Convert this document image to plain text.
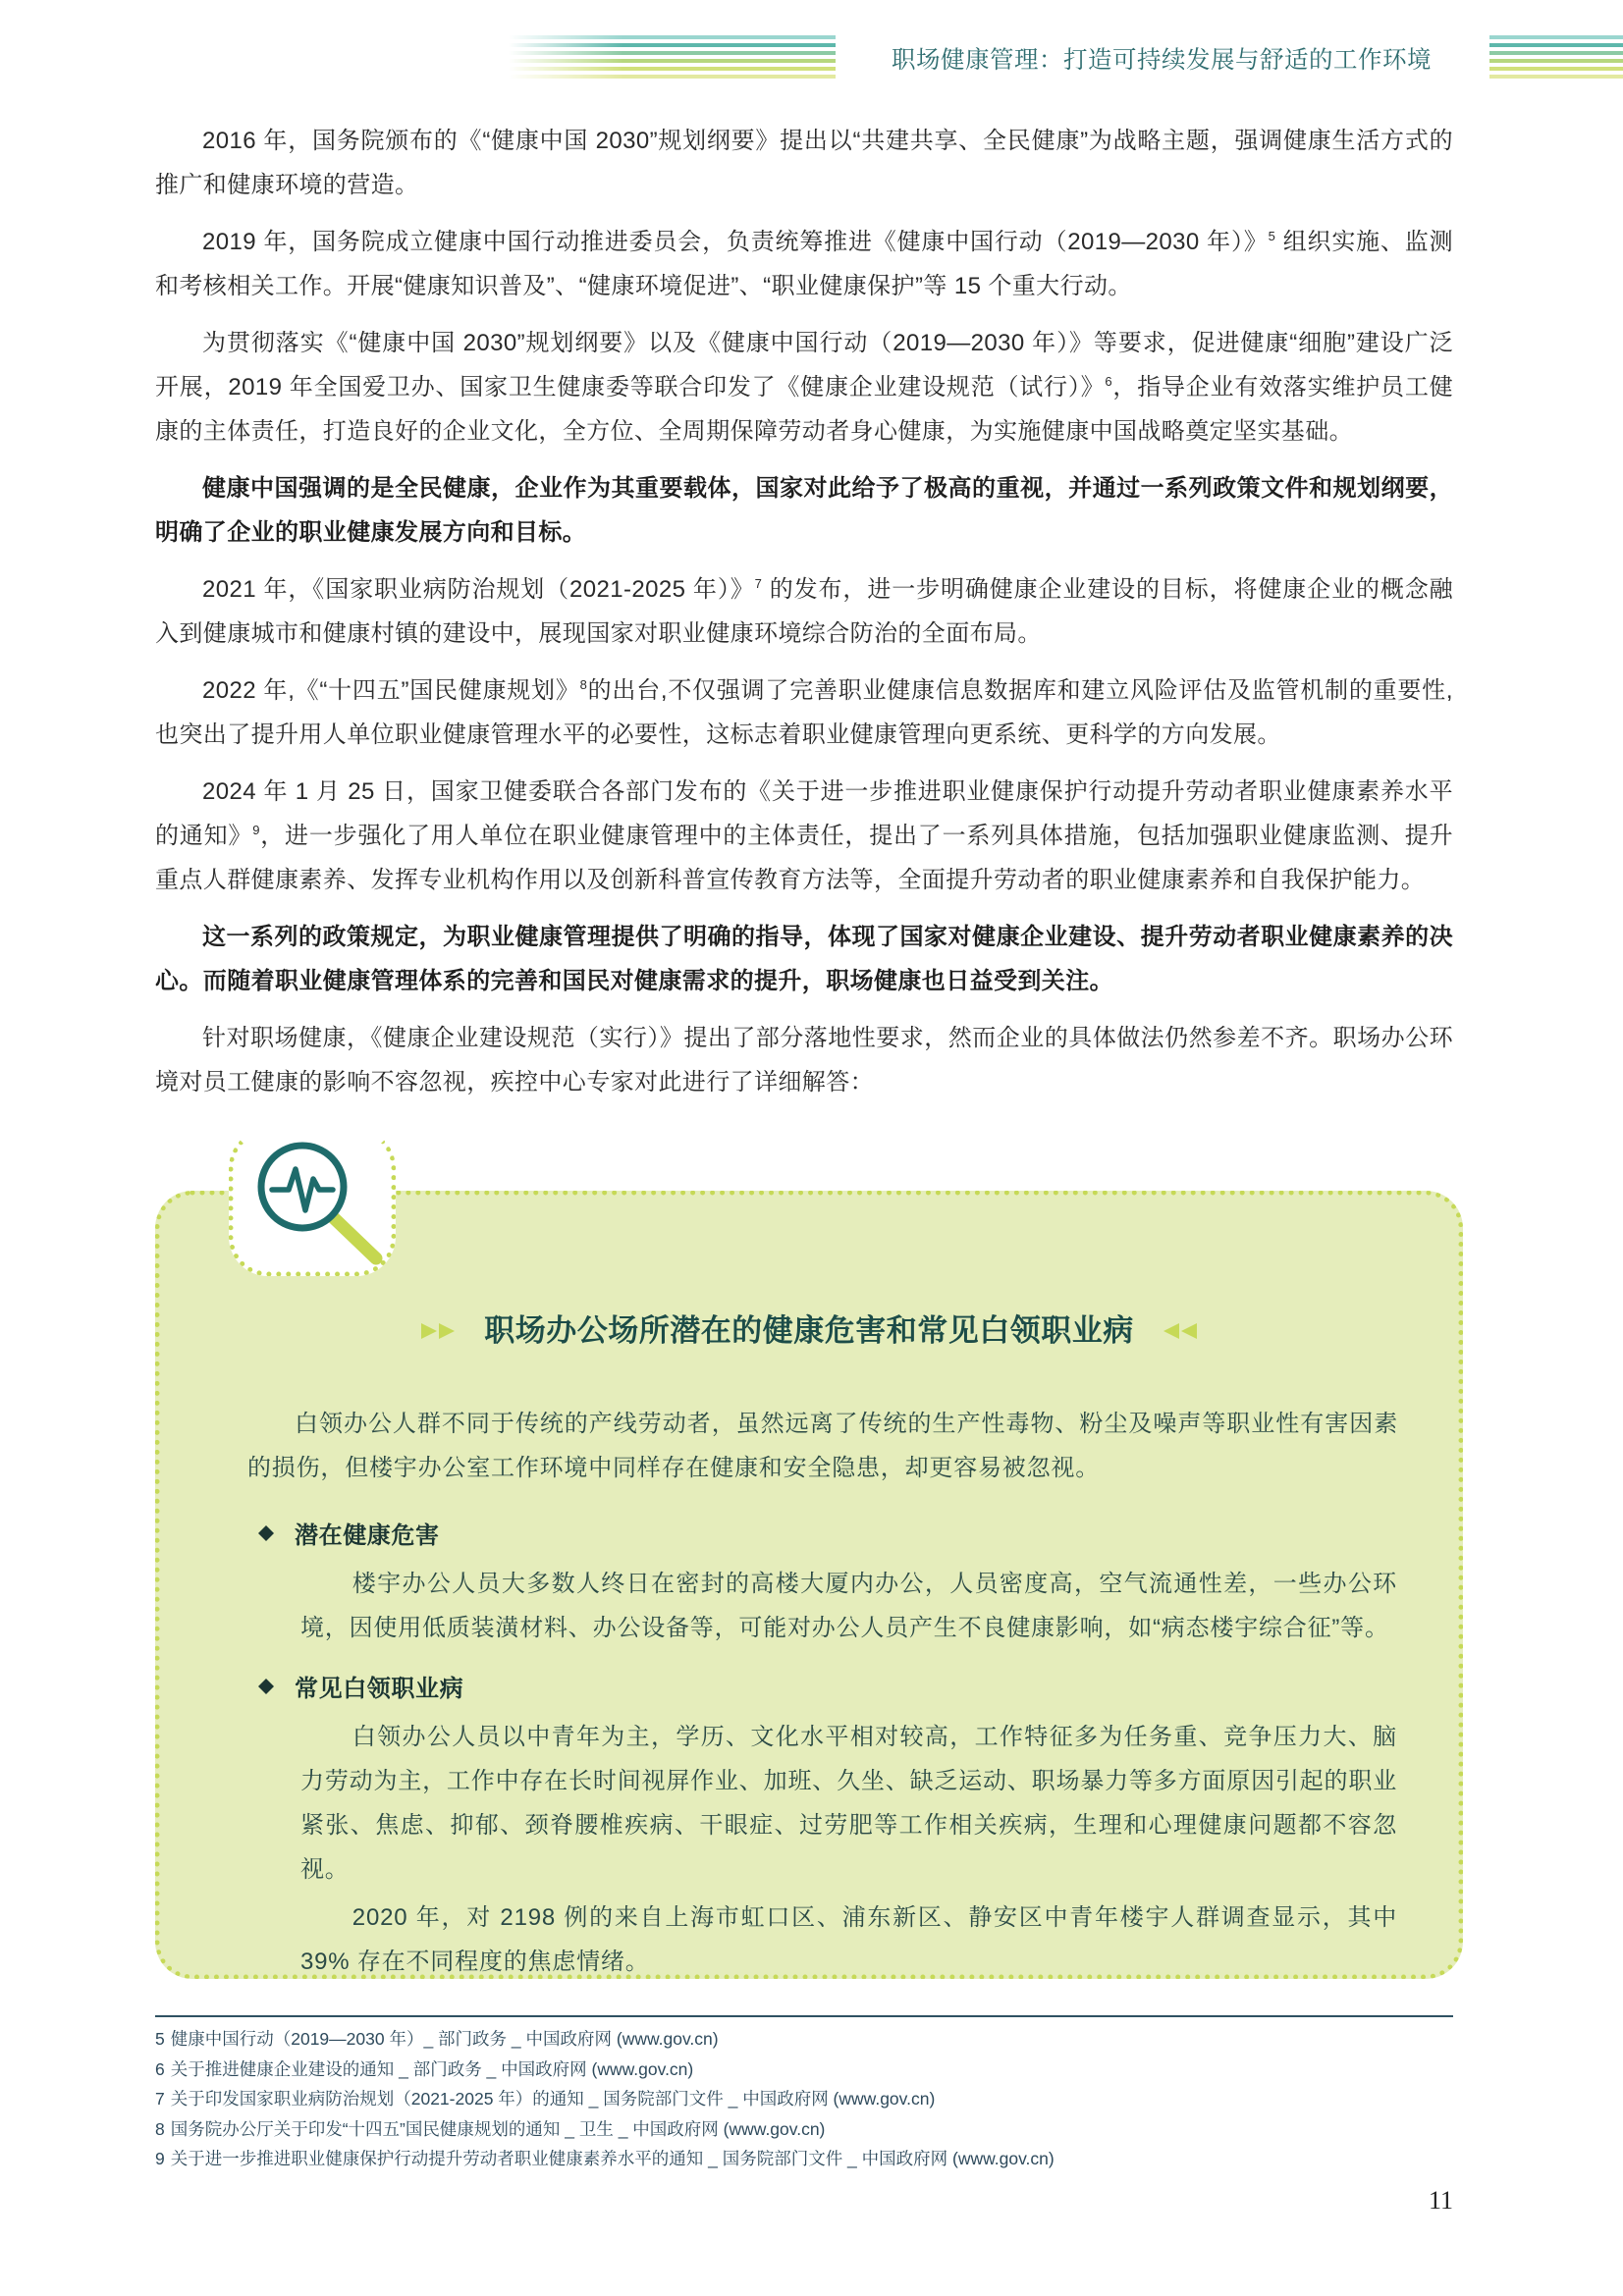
职场健康管理：打造可持续发展与舒适的工作环境

2016 年，国务院颁布的《“健康中国 2030”规划纲要》提出以“共建共享、全民健康”为战略主题，强调健康生活方式的推广和健康环境的营造。

2019 年，国务院成立健康中国行动推进委员会，负责统筹推进《健康中国行动（2019—2030 年）》$^5$ 组织实施、监测和考核相关工作。开展“健康知识普及”、“健康环境促进”、“职业健康保护”等 15 个重大行动。

为贯彻落实《“健康中国 2030”规划纲要》以及《健康中国行动（2019—2030 年）》等要求，促进健康“细胞”建设广泛开展，2019 年全国爱卫办、国家卫生健康委等联合印发了《健康企业建设规范（试行）》$^6$，指导企业有效落实维护员工健康的主体责任，打造良好的企业文化，全方位、全周期保障劳动者身心健康，为实施健康中国战略奠定坚实基础。

健康中国强调的是全民健康，企业作为其重要载体，国家对此给予了极高的重视，并通过一系列政策文件和规划纲要，明确了企业的职业健康发展方向和目标。

2021 年，《国家职业病防治规划（2021-2025 年）》$^7$ 的发布，进一步明确健康企业建设的目标，将健康企业的概念融入到健康城市和健康村镇的建设中，展现国家对职业健康环境综合防治的全面布局。

2022 年,《“十四五”国民健康规划》$^8$的出台,不仅强调了完善职业健康信息数据库和建立风险评估及监管机制的重要性,也突出了提升用人单位职业健康管理水平的必要性，这标志着职业健康管理向更系统、更科学的方向发展。

2024 年 1 月 25 日，国家卫健委联合各部门发布的《关于进一步推进职业健康保护行动提升劳动者职业健康素养水平的通知》$^9$，进一步强化了用人单位在职业健康管理中的主体责任，提出了一系列具体措施，包括加强职业健康监测、提升重点人群健康素养、发挥专业机构作用以及创新科普宣传教育方法等，全面提升劳动者的职业健康素养和自我保护能力。

这一系列的政策规定，为职业健康管理提供了明确的指导，体现了国家对健康企业建设、提升劳动者职业健康素养的决心。而随着职业健康管理体系的完善和国民对健康需求的提升，职场健康也日益受到关注。

针对职场健康，《健康企业建设规范（实行）》提出了部分落地性要求，然而企业的具体做法仍然参差不齐。职场办公环境对员工健康的影响不容忽视，疾控中心专家对此进行了详细解答：

职场办公场所潜在的健康危害和常见白领职业病
白领办公人群不同于传统的产线劳动者，虽然远离了传统的生产性毒物、粉尘及噪声等职业性有害因素的损伤，但楼宇办公室工作环境中同样存在健康和安全隐患，却更容易被忽视。
潜在健康危害

楼宇办公人员大多数人终日在密封的高楼大厦内办公，人员密度高，空气流通性差，一些办公环境，因使用低质装潢材料、办公设备等，可能对办公人员产生不良健康影响，如“病态楼宇综合征”等。

常见白领职业病

白领办公人员以中青年为主，学历、文化水平相对较高，工作特征多为任务重、竞争压力大、脑力劳动为主，工作中存在长时间视屏作业、加班、久坐、缺乏运动、职场暴力等多方面原因引起的职业紧张、焦虑、抑郁、颈脊腰椎疾病、干眼症、过劳肥等工作相关疾病，生理和心理健康问题都不容忽视。

2020 年，对 2198 例的来自上海市虹口区、浦东新区、静安区中青年楼宇人群调查显示，其中 39% 存在不同程度的焦虑情绪。

5 健康中国行动（2019—2030 年）_ 部门政务 _ 中国政府网 (www.gov.cn)
6 关于推进健康企业建设的通知 _ 部门政务 _ 中国政府网 (www.gov.cn)
7 关于印发国家职业病防治规划（2021-2025 年）的通知 _ 国务院部门文件 _ 中国政府网 (www.gov.cn)
8 国务院办公厅关于印发“十四五”国民健康规划的通知 _ 卫生 _ 中国政府网 (www.gov.cn)
9 关于进一步推进职业健康保护行动提升劳动者职业健康素养水平的通知 _ 国务院部门文件 _ 中国政府网 (www.gov.cn)
11
